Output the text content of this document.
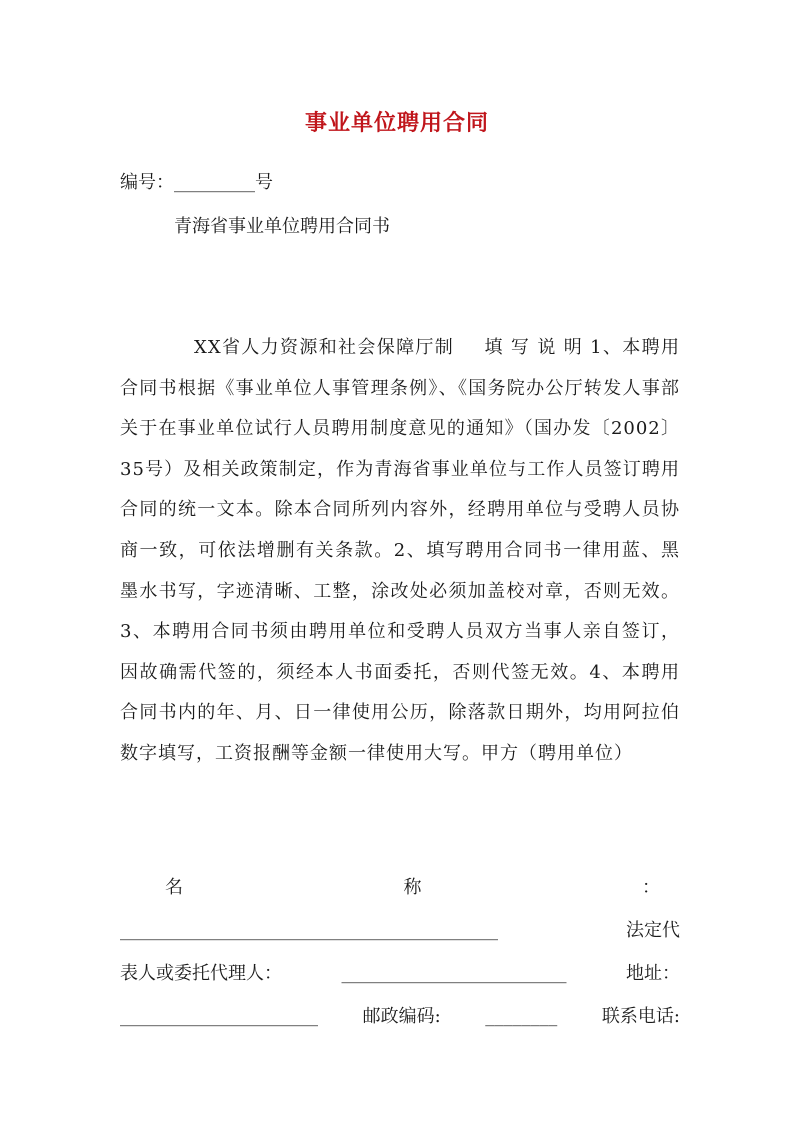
事业单位聘用合同
编号：_________号
青海省事业单位聘用合同书
XX省人力资源和社会保障厅制 填 写 说 明 1、本聘用合同书根据《事业单位人事管理条例》、《国务院办公厅转发人事部关于在事业单位试行人员聘用制度意见的通知》（国办发〔2002〕35号）及相关政策制定，作为青海省事业单位与工作人员签订聘用合同的统一文本。除本合同所列内容外，经聘用单位与受聘人员协商一致，可依法增删有关条款。2、填写聘用合同书一律用蓝、黑墨水书写，字迹清晰、工整，涂改处必须加盖校对章，否则无效。3、本聘用合同书须由聘用单位和受聘人员双方当事人亲自签订，因故确需代签的，须经本人书面委托，否则代签无效。4、本聘用合同书内的年、月、日一律使用公历，除落款日期外，均用阿拉伯数字填写，工资报酬等金额一律使用大写。甲方（聘用单位）
名	称	：
__________________________________________	法定代
表人或委托代理人：	_________________________	地址：
______________________ 邮政编码: ________ 联系电话:
